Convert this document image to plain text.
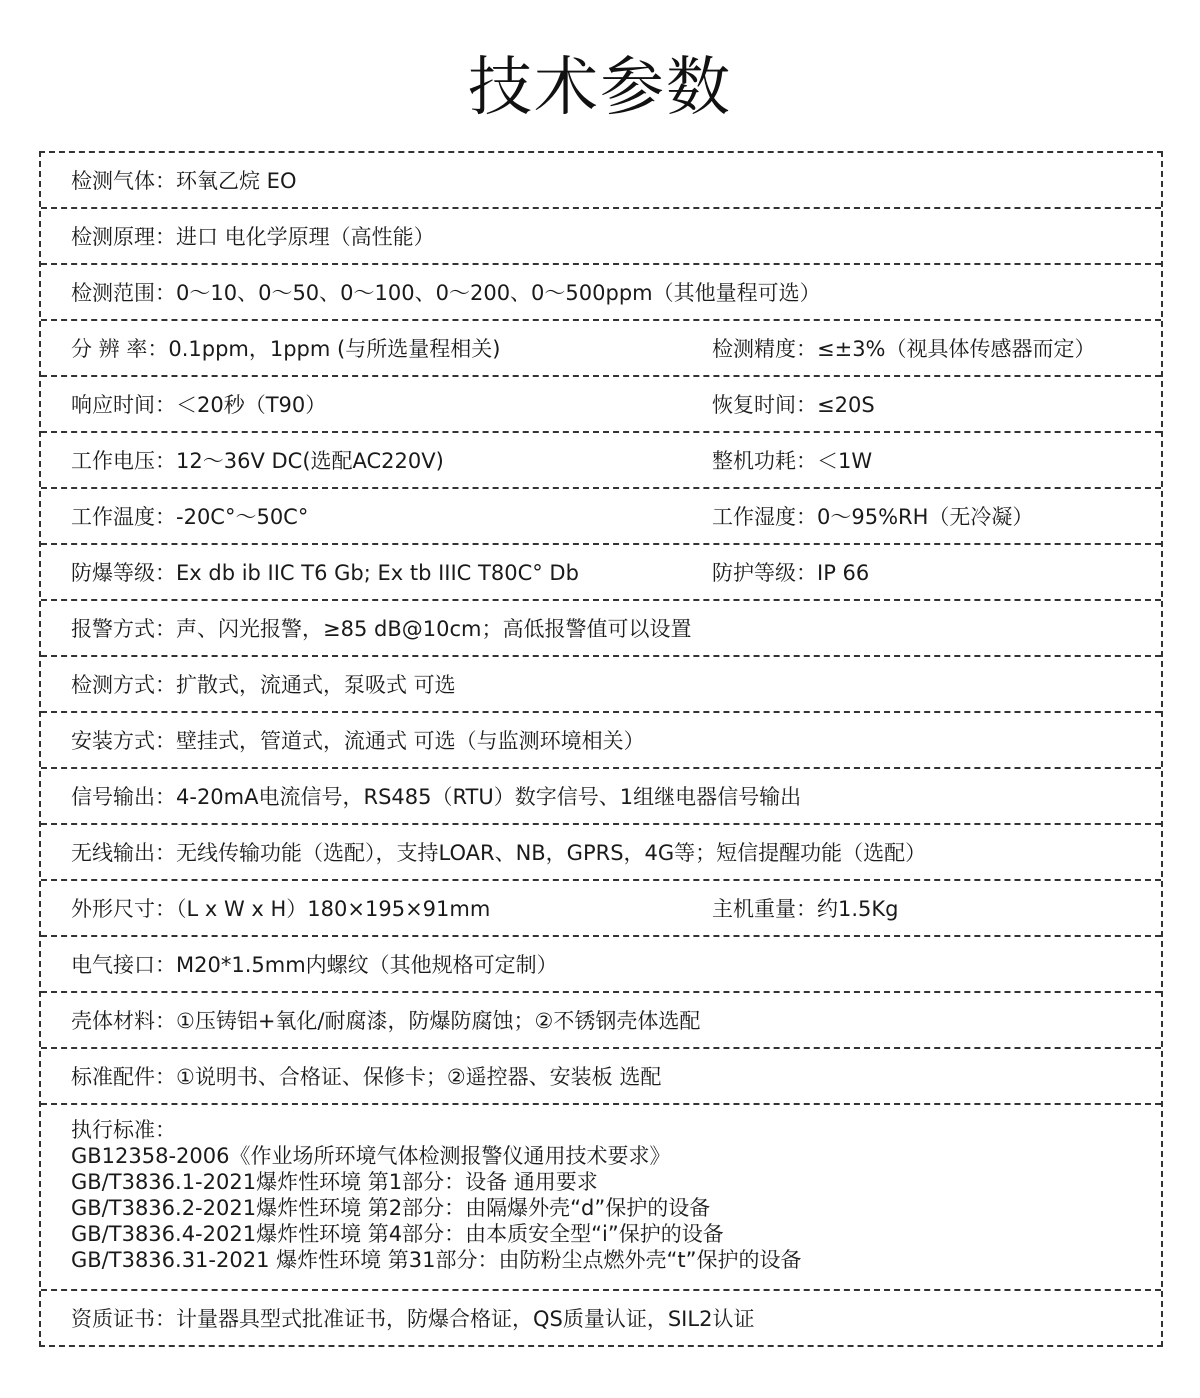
技术参数
检测气体：环氧乙烷 EO
检测原理：进口 电化学原理（高性能）
检测范围：0～10、0～50、0～100、0～200、0～500ppm（其他量程可选）
分 辨 率：0.1ppm，1ppm (与所选量程相关)	检测精度：≤±3%（视具体传感器而定）
响应时间：＜20秒（T90）	恢复时间：≤20S
工作电压：12～36V DC(选配AC220V)	整机功耗：＜1W
工作温度：-20C°～50C°	工作湿度：0～95%RH（无冷凝）
防爆等级：Ex db ib IIC T6 Gb; Ex tb IIIC T80C° Db	防护等级：IP 66
报警方式：声、闪光报警，≥85 dB@10cm；高低报警值可以设置
检测方式：扩散式，流通式，泵吸式 可选
安装方式：壁挂式，管道式，流通式 可选（与监测环境相关）
信号输出：4-20mA电流信号，RS485（RTU）数字信号、1组继电器信号输出
无线输出：无线传输功能（选配），支持LOAR、NB，GPRS，4G等；短信提醒功能（选配）
外形尺寸：（L x W x H）180×195×91mm	主机重量：约1.5Kg
电气接口：M20*1.5mm内螺纹（其他规格可定制）
壳体材料：①压铸铝+氧化/耐腐漆，防爆防腐蚀；②不锈钢壳体选配
标准配件：①说明书、合格证、保修卡；②遥控器、安装板 选配
执行标准：
GB12358-2006《作业场所环境气体检测报警仪通用技术要求》
GB/T3836.1-2021爆炸性环境 第1部分：设备 通用要求
GB/T3836.2-2021爆炸性环境 第2部分：由隔爆外壳“d”保护的设备
GB/T3836.4-2021爆炸性环境 第4部分：由本质安全型“i”保护的设备
GB/T3836.31-2021 爆炸性环境 第31部分：由防粉尘点燃外壳“t”保护的设备
资质证书：计量器具型式批准证书，防爆合格证，QS质量认证，SIL2认证
